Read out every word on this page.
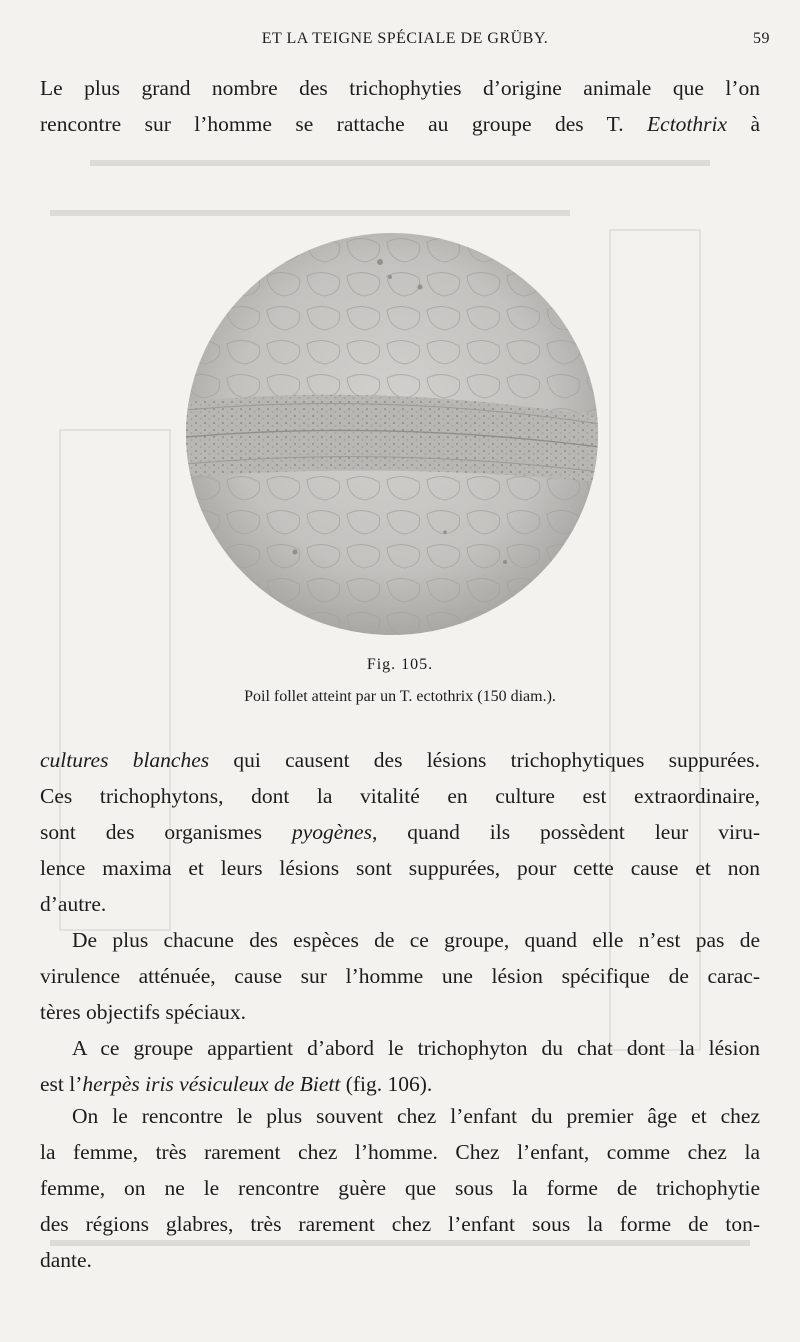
ET LA TEIGNE SPÉCIALE DE GRÜBY.	59

Le plus grand nombre des trichophyties d’origine animale que l’on
rencontre sur l’homme se rattache au groupe des T. Ectothrix à

Fig. 105.
Poil follet atteint par un T. ectothrix (150 diam.).

cultures blanches qui causent des lésions trichophytiques suppurées.
Ces trichophytons, dont la vitalité en culture est extraordinaire,
sont des organismes pyogènes, quand ils possèdent leur viru-
lence maxima et leurs lésions sont suppurées, pour cette cause et non
d’autre.

De plus chacune des espèces de ce groupe, quand elle n’est pas de
virulence atténuée, cause sur l’homme une lésion spécifique de carac-
tères objectifs spéciaux.

A ce groupe appartient d’abord le trichophyton du chat dont la lésion
est l’herpès iris vésiculeux de Biett (fig. 106).

On le rencontre le plus souvent chez l’enfant du premier âge et chez
la femme, très rarement chez l’homme. Chez l’enfant, comme chez la
femme, on ne le rencontre guère que sous la forme de trichophytie
des régions glabres, très rarement chez l’enfant sous la forme de ton-
dante.
